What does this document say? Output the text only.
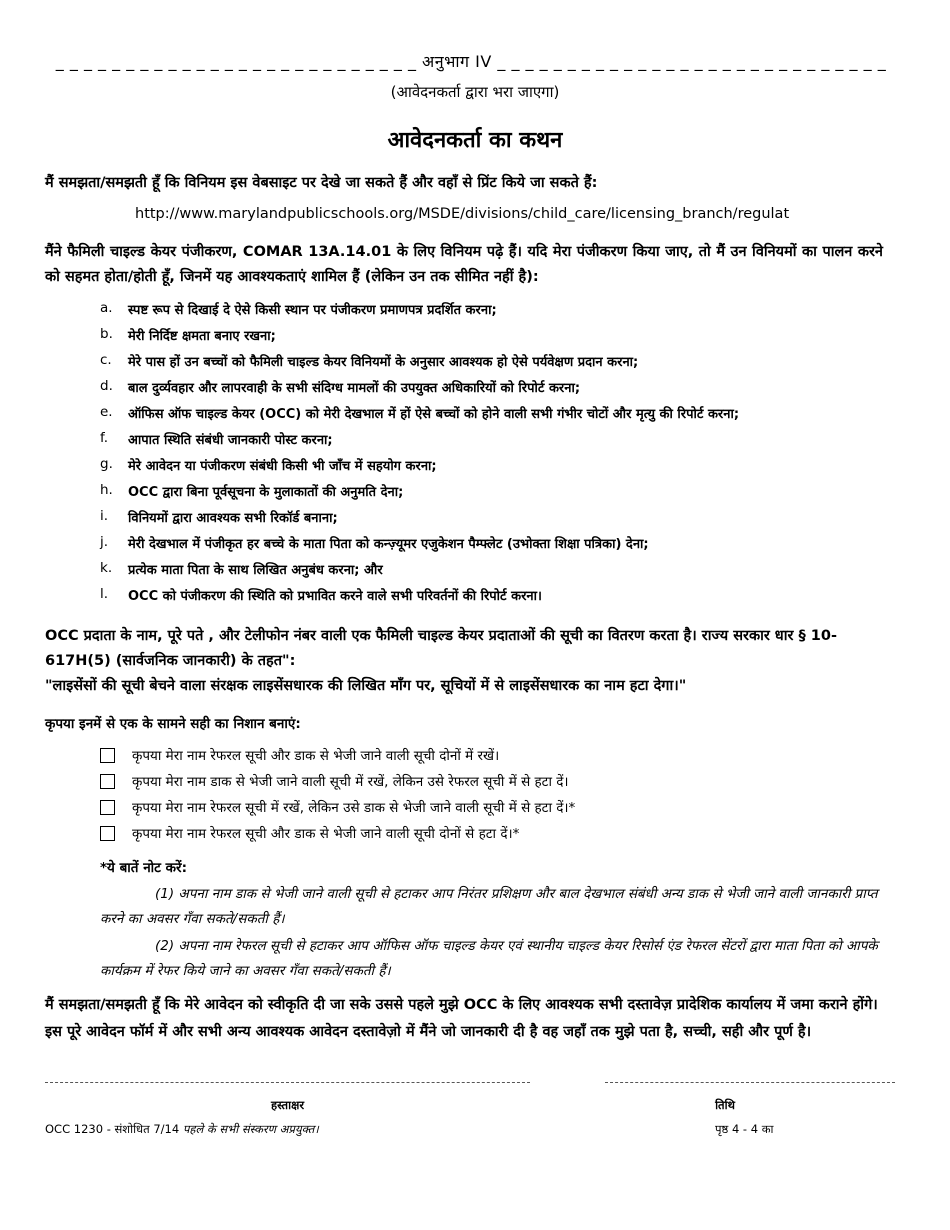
_ _ _ _ _ _ _ _ _ _ _ _ _ _ _ _ _ _ _ _ _ _ _ _ _ _ अनुभाग IV _ _ _ _ _ _ _ _ _ _ _ _ _ _ _ _ _ _ _ _ _ _ _ _ _ _ _ _
(आवेदनकर्ता द्वारा भरा जाएगा)
आवेदनकर्ता का कथन
मैं समझता/समझती हूँ कि विनियम इस वेबसाइट पर देखे जा सकते हैं और वहाँ से प्रिंट किये जा सकते हैं:
http://www.marylandpublicschools.org/MSDE/divisions/child_care/licensing_branch/regulat
मैंने फैमिली चाइल्ड केयर पंजीकरण, COMAR 13A.14.01 के लिए विनियम पढ़े हैं। यदि मेरा पंजीकरण किया जाए, तो मैं उन विनियमों का पालन करने को सहमत होता/होती हूँ, जिनमें यह आवश्यकताएं शामिल हैं (लेकिन उन तक सीमित नहीं है):
a.	स्पष्ट रूप से दिखाई दे ऐसे किसी स्थान पर पंजीकरण प्रमाणपत्र प्रदर्शित करना;
b.	मेरी निर्दिष्ट क्षमता बनाए रखना;
c.	मेरे पास हों उन बच्चों को फैमिली चाइल्ड केयर विनियमों के अनुसार आवश्यक हो ऐसे पर्यवेक्षण प्रदान करना;
d.	बाल दुर्व्यवहार और लापरवाही के सभी संदिग्ध मामलों की उपयुक्त अधिकारियों को रिपोर्ट करना;
e.	ऑफिस ऑफ चाइल्ड केयर (OCC) को मेरी देखभाल में हों ऐसे बच्चों को होने वाली सभी गंभीर चोटों और मृत्यु की रिपोर्ट करना;
f.	आपात स्थिति संबंधी जानकारी पोस्ट करना;
g.	मेरे आवेदन या पंजीकरण संबंधी किसी भी जाँच में सहयोग करना;
h.	OCC द्वारा बिना पूर्वसूचना के मुलाकातों की अनुमति देना;
i.	विनियमों द्वारा आवश्यक सभी रिकॉर्ड बनाना;
j.	मेरी देखभाल में पंजीकृत हर बच्चे के माता पिता को कन्ज़्यूमर एजुकेशन पैम्फ्लेट (उभोक्ता शिक्षा पत्रिका) देना;
k.	प्रत्येक माता पिता के साथ लिखित अनुबंध करना; और
l.	OCC को पंजीकरण की स्थिति को प्रभावित करने वाले सभी परिवर्तनों की रिपोर्ट करना।
OCC प्रदाता के नाम, पूरे पते , और टेलीफोन नंबर वाली एक फैमिली चाइल्ड केयर प्रदाताओं की सूची का वितरण करता है। राज्य सरकार धार § 10-617H(5) (सार्वजनिक जानकारी) के तहत":
"लाइसेंसों की सूची बेचने वाला संरक्षक लाइसेंसधारक की लिखित माँग पर, सूचियों में से लाइसेंसधारक का नाम हटा देगा।"
कृपया इनमें से एक के सामने सही का निशान बनाएं:
कृपया मेरा नाम रेफरल सूची और डाक से भेजी जाने वाली सूची दोनों में रखें।
कृपया मेरा नाम डाक से भेजी जाने वाली सूची में रखें, लेकिन उसे रेफरल सूची में से हटा दें।
कृपया मेरा नाम रेफरल सूची में रखें, लेकिन उसे डाक से भेजी जाने वाली सूची में से हटा दें।*
कृपया मेरा नाम रेफरल सूची और डाक से भेजी जाने वाली सूची दोनों से हटा दें।*
*ये बातें नोट करें:
(1) अपना नाम डाक से भेजी जाने वाली सूची से हटाकर आप निरंतर प्रशिक्षण और बाल देखभाल संबंधी अन्य डाक से भेजी जाने वाली जानकारी प्राप्त करने का अवसर गँवा सकते/सकती हैं।
(2) अपना नाम रेफरल सूची से हटाकर आप ऑफिस ऑफ चाइल्ड केयर एवं स्थानीय चाइल्ड केयर रिसोर्स एंड रेफरल सेंटरों द्वारा माता पिता को आपके कार्यक्रम में रेफर किये जाने का अवसर गँवा सकते/सकती हैं।
मैं समझता/समझती हूँ कि मेरे आवेदन को स्वीकृति दी जा सके उससे पहले मुझे OCC के लिए आवश्यक सभी दस्तावेज़ प्रादेशिक कार्यालय में जमा कराने होंगे। इस पूरे आवेदन फॉर्म में और सभी अन्य आवश्यक आवेदन दस्तावेज़ो में मैंने जो जानकारी दी है वह जहाँ तक मुझे पता है, सच्ची, सही और पूर्ण है।
हस्ताक्षर	तिथि
OCC 1230 - संशोधित 7/14 पहले के सभी संस्करण अप्रयुक्त।	पृष्ठ 4 - 4 का
